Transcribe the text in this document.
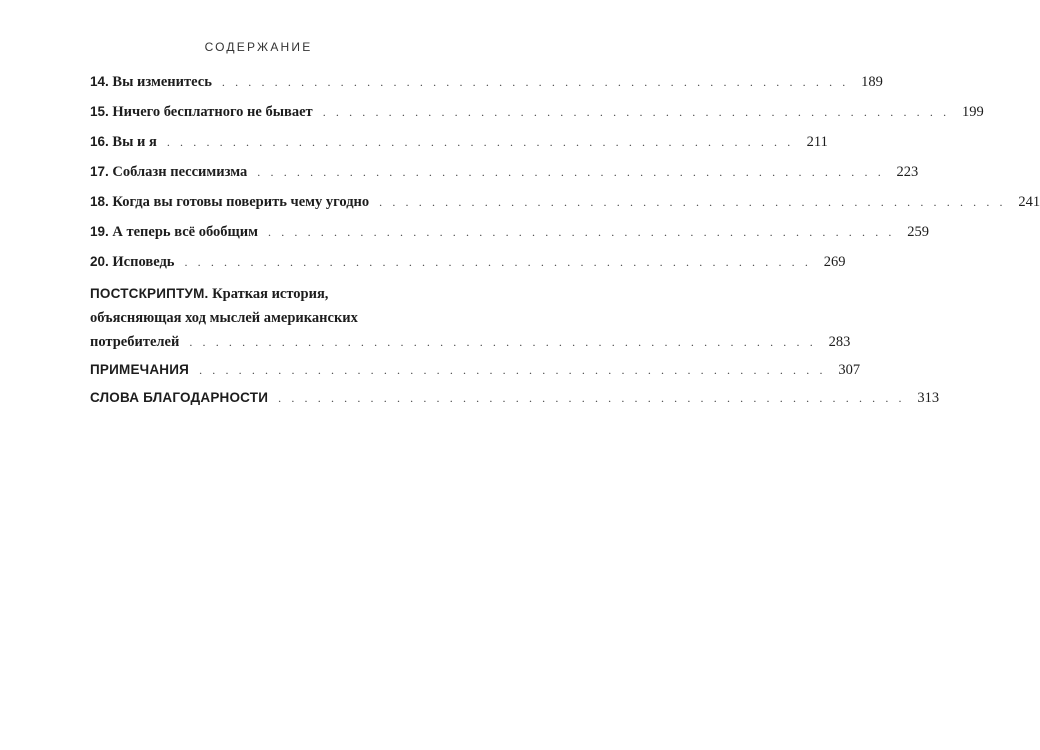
СОДЕРЖАНИЕ
14. Вы изменитесь . . . . . . . . . . . . . . . . . . . . . . . . . . . . . . . . . . . . . . . . . . . . . . . . 189
15. Ничего бесплатного не бывает . . . . . . . . . . . . . . . . . . . . . . . . . . . . . . . . . . . . . . . . . . . . . . . . 199
16. Вы и я . . . . . . . . . . . . . . . . . . . . . . . . . . . . . . . . . . . . . . . . . . . . . . . . 211
17. Соблазн пессимизма . . . . . . . . . . . . . . . . . . . . . . . . . . . . . . . . . . . . . . . . . . . . . . . . 223
18. Когда вы готовы поверить чему угодно . . . . . . . . . . . . . . . . . . . . . . . . . . . . . . . . . . . . . . . . . . . . . . . . 241
19. А теперь всё обобщим . . . . . . . . . . . . . . . . . . . . . . . . . . . . . . . . . . . . . . . . . . . . . . . . 259
20. Исповедь . . . . . . . . . . . . . . . . . . . . . . . . . . . . . . . . . . . . . . . . . . . . . . . . 269
ПОСТСКРИПТУМ. Краткая история,
объясняющая ход мыслей американских
потребителей . . . . . . . . . . . . . . . . . . . . . . . . . . . . . . . . . . . . . . . . . . . . . . . . 283
ПРИМЕЧАНИЯ . . . . . . . . . . . . . . . . . . . . . . . . . . . . . . . . . . . . . . . . . . . . . . . . 307
СЛОВА БЛАГОДАРНОСТИ . . . . . . . . . . . . . . . . . . . . . . . . . . . . . . . . . . . . . . . . . . . . . . . . 313
